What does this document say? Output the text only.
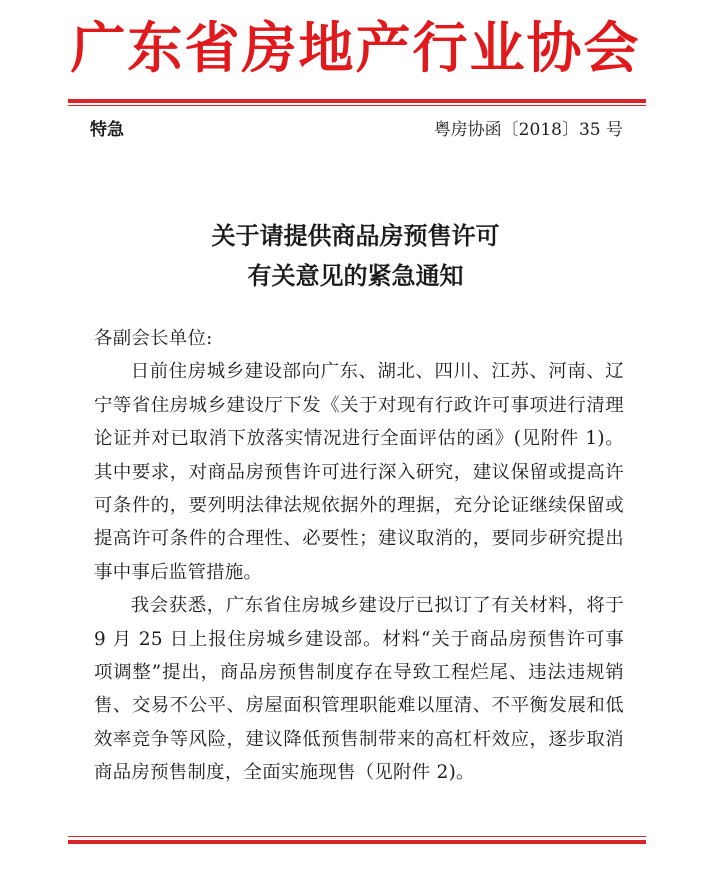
广东省房地产行业协会
特急	粤房协函〔2018〕35 号
关于请提供商品房预售许可
有关意见的紧急通知
各副会长单位:
日前住房城乡建设部向广东、湖北、四川、江苏、河南、辽宁等省住房城乡建设厅下发《关于对现有行政许可事项进行清理论证并对已取消下放落实情况进行全面评估的函》(见附件 1)。其中要求，对商品房预售许可进行深入研究，建议保留或提高许可条件的，要列明法律法规依据外的理据，充分论证继续保留或提高许可条件的合理性、必要性；建议取消的，要同步研究提出事中事后监管措施。
我会获悉，广东省住房城乡建设厅已拟订了有关材料，将于9 月 25 日上报住房城乡建设部。材料“关于商品房预售许可事项调整”提出，商品房预售制度存在导致工程烂尾、违法违规销售、交易不公平、房屋面积管理职能难以厘清、不平衡发展和低效率竞争等风险，建议降低预售制带来的高杠杆效应，逐步取消商品房预售制度，全面实施现售（见附件 2)。
